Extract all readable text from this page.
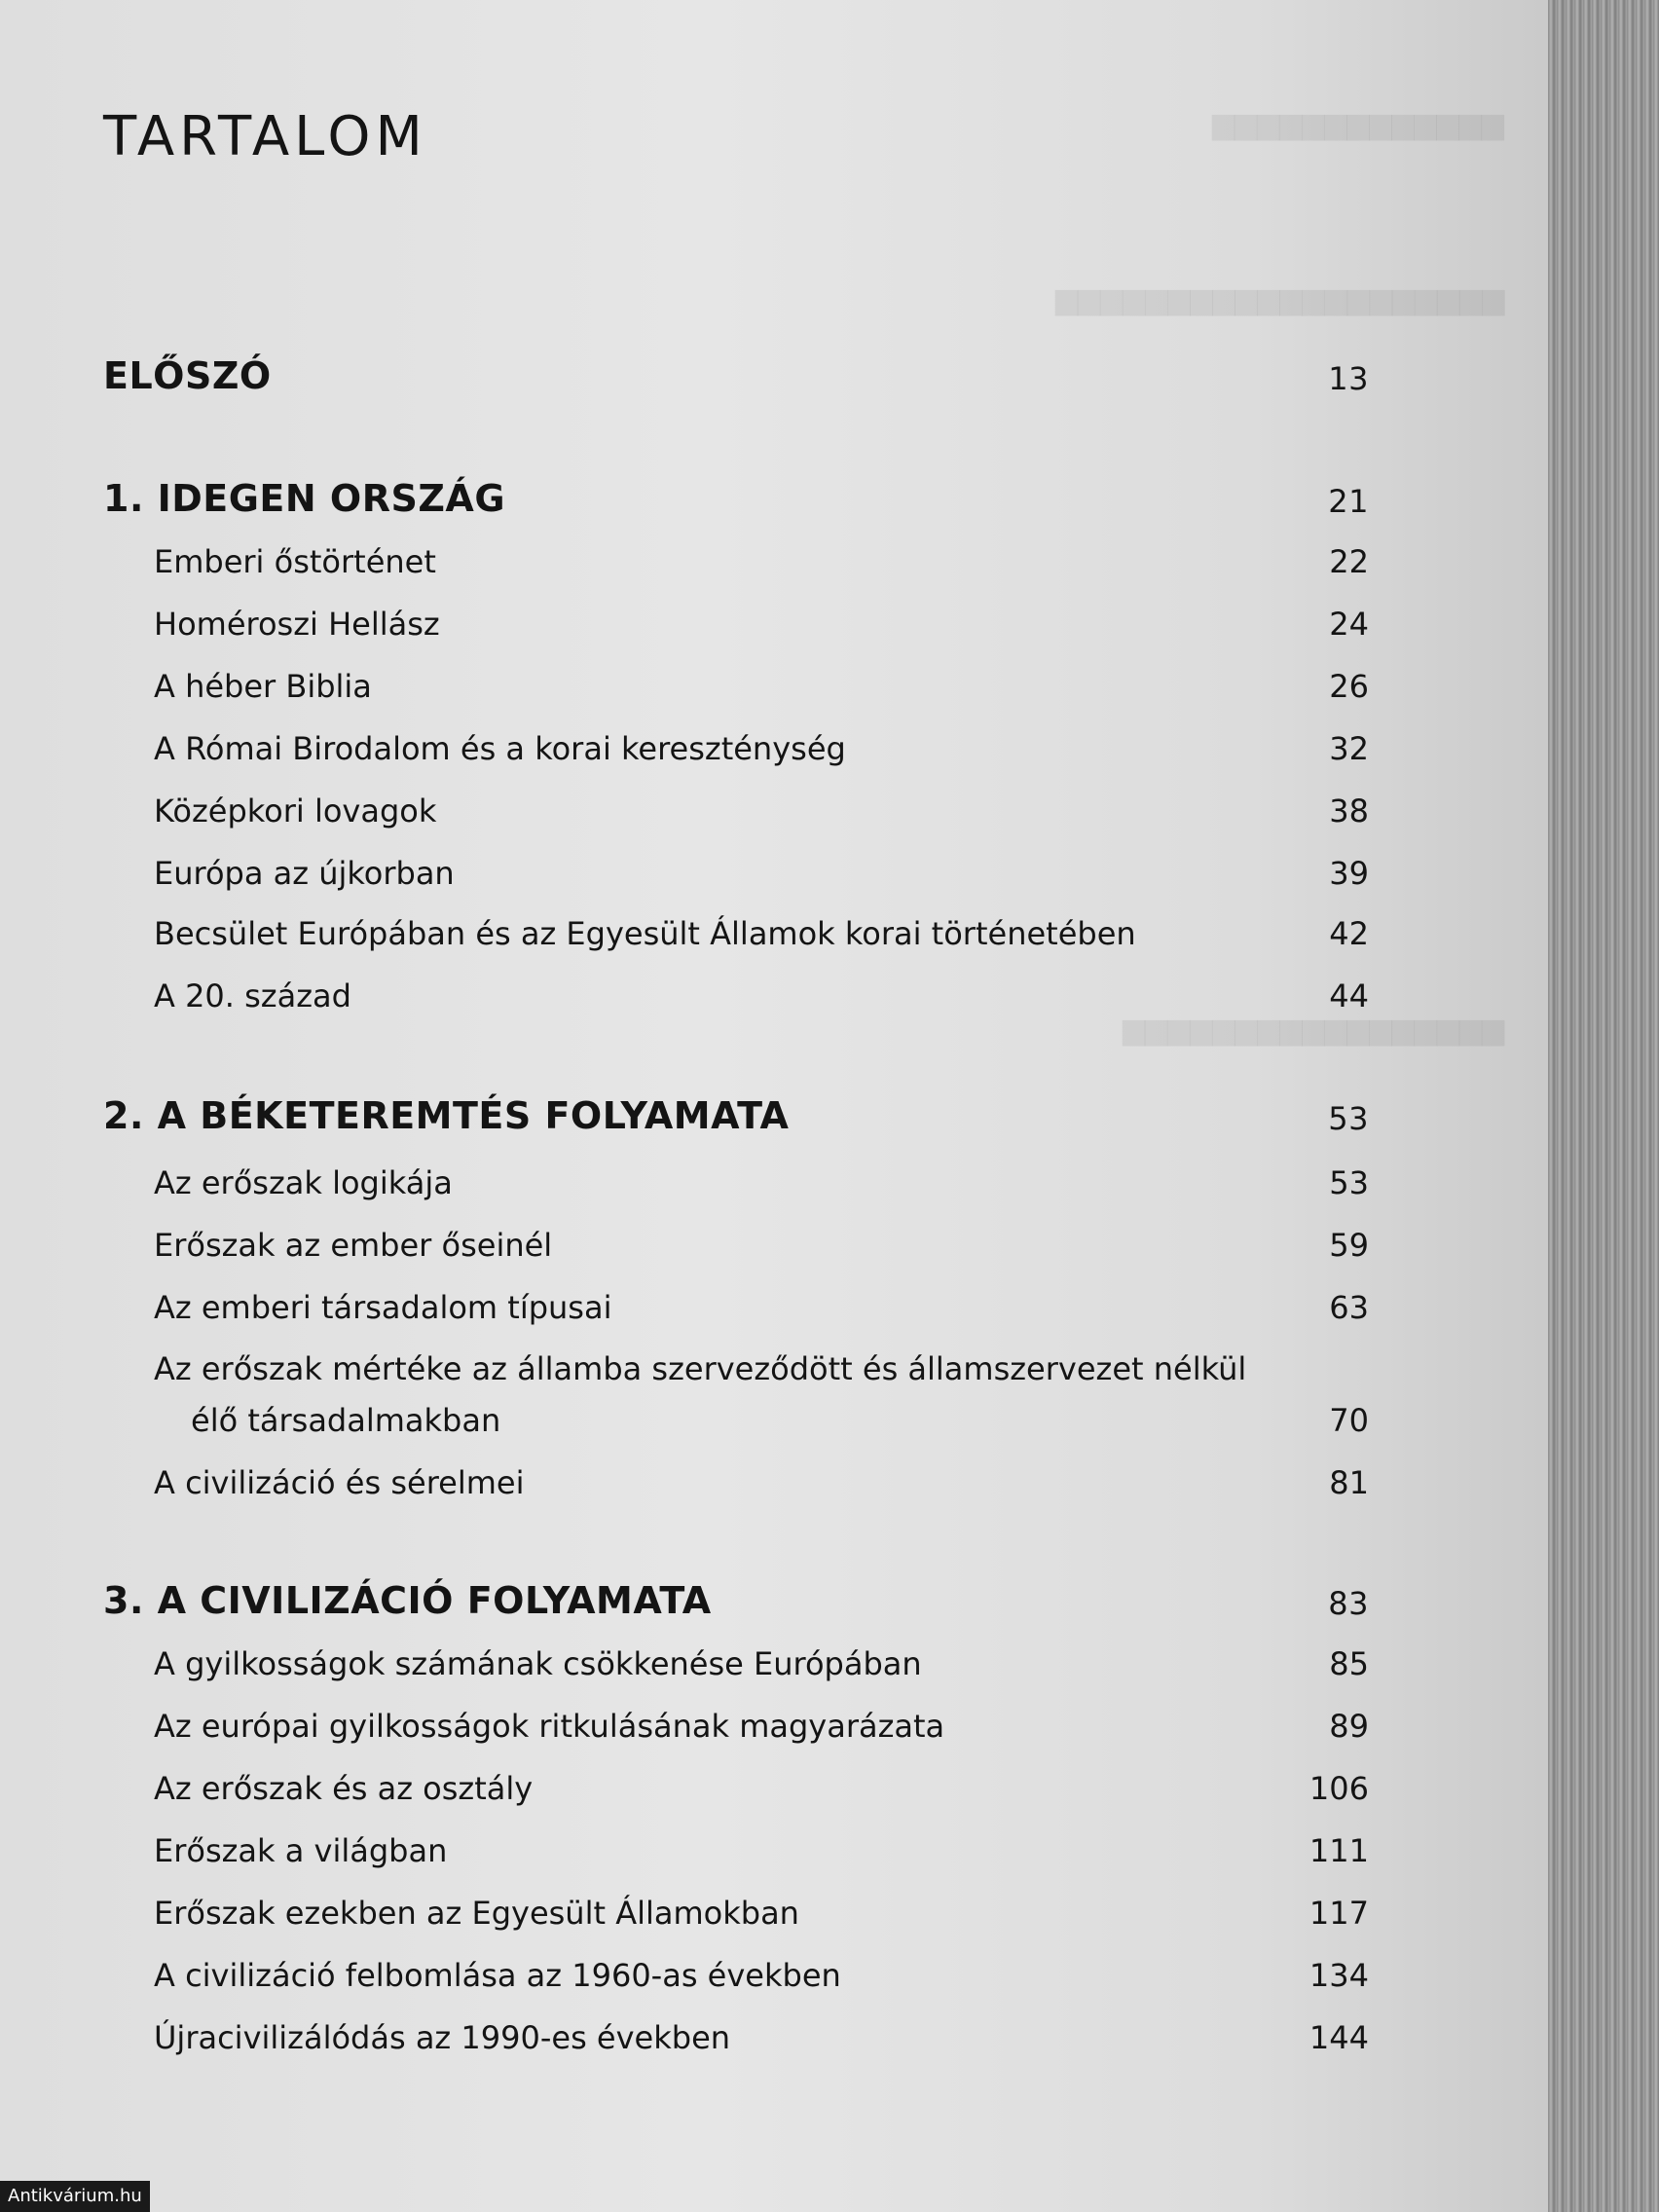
▆▆▆▆▆▆▆▆▆▆▆▆▆
▆▆▆▆▆▆▆▆▆▆▆▆▆▆▆▆▆▆▆▆
▆▆▆▆▆▆▆▆▆▆▆▆▆▆▆▆▆
TARTALOM
ELŐSZÓ	13
1. IDEGEN ORSZÁG	21
Emberi őstörténet	22
Homéroszi Hellász	24
A héber Biblia	26
A Római Birodalom és a korai kereszténység	32
Középkori lovagok	38
Európa az újkorban	39
Becsület Európában és az Egyesült Államok korai történetében	42
A 20. század	44
2. A BÉKETEREMTÉS FOLYAMATA	53
Az erőszak logikája	53
Erőszak az ember őseinél	59
Az emberi társadalom típusai	63
Az erőszak mértéke az államba szerveződött és államszervezet nélkül
élő társadalmakban	70
A civilizáció és sérelmei	81
3. A CIVILIZÁCIÓ FOLYAMATA	83
A gyilkosságok számának csökkenése Európában	85
Az európai gyilkosságok ritkulásának magyarázata	89
Az erőszak és az osztály	106
Erőszak a világban	111
Erőszak ezekben az Egyesült Államokban	117
A civilizáció felbomlása az 1960-as években	134
Újracivilizálódás az 1990-es években	144
Antikvárium.hu
